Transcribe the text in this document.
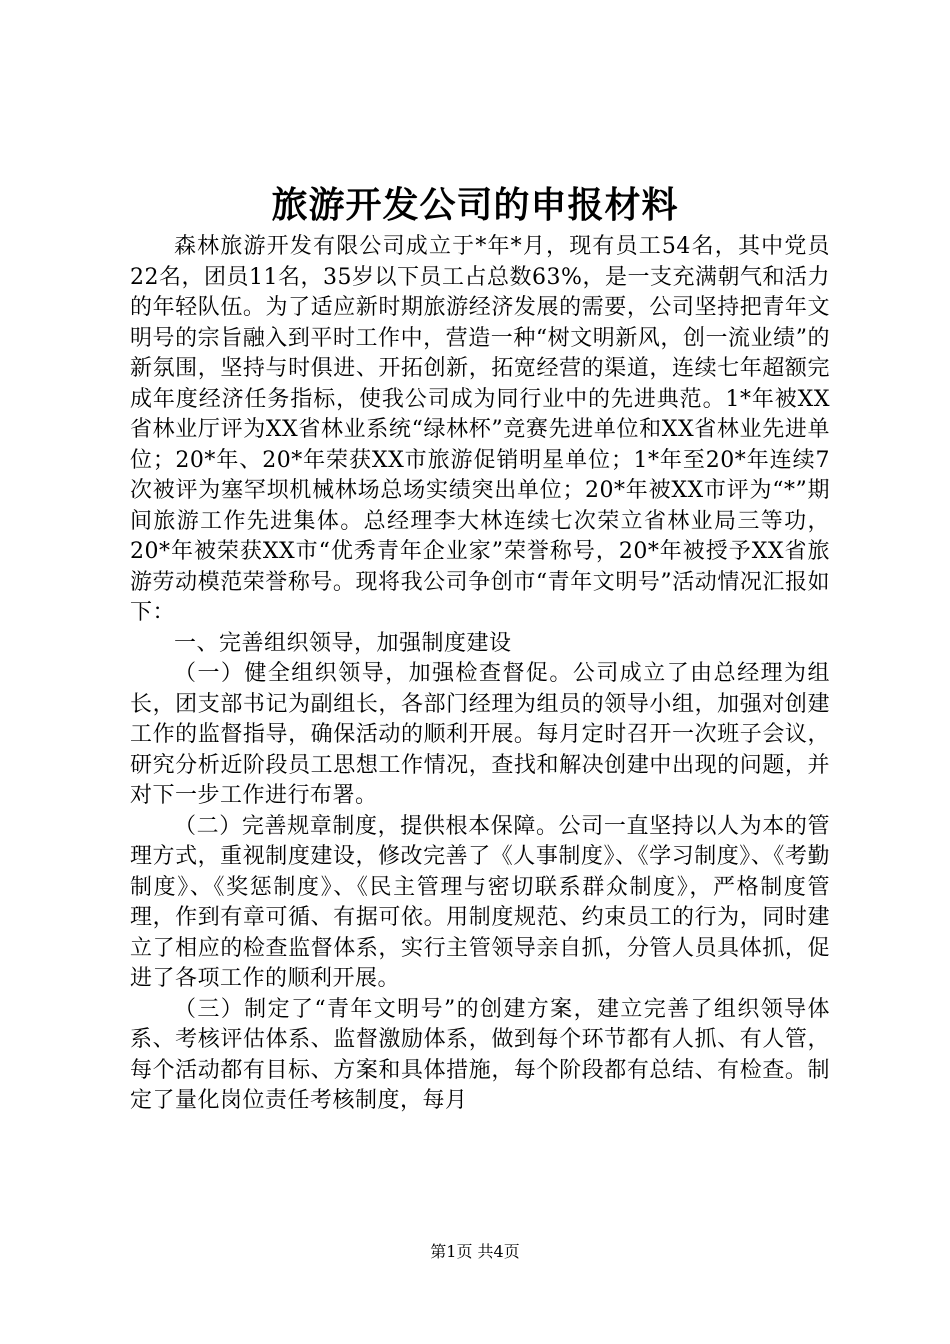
旅游开发公司的申报材料

森林旅游开发有限公司成立于*年*月，现有员工54名，其中党员22名，团员11名，35岁以下员工占总数63%，是一支充满朝气和活力的年轻队伍。为了适应新时期旅游经济发展的需要，公司坚持把青年文明号的宗旨融入到平时工作中，营造一种“树文明新风，创一流业绩”的新氛围，坚持与时俱进、开拓创新，拓宽经营的渠道，连续七年超额完成年度经济任务指标，使我公司成为同行业中的先进典范。1*年被XX省林业厅评为XX省林业系统“绿林杯”竞赛先进单位和XX省林业先进单位；20*年、20*年荣获XX市旅游促销明星单位；1*年至20*年连续7次被评为塞罕坝机械林场总场实绩突出单位；20*年被XX市评为“*”期间旅游工作先进集体。总经理李大林连续七次荣立省林业局三等功，20*年被荣获XX市“优秀青年企业家”荣誉称号，20*年被授予XX省旅游劳动模范荣誉称号。现将我公司争创市“青年文明号”活动情况汇报如下：

一、完善组织领导，加强制度建设

（一）健全组织领导，加强检查督促。公司成立了由总经理为组长，团支部书记为副组长，各部门经理为组员的领导小组，加强对创建工作的监督指导，确保活动的顺利开展。每月定时召开一次班子会议，研究分析近阶段员工思想工作情况，查找和解决创建中出现的问题，并对下一步工作进行布署。

（二）完善规章制度，提供根本保障。公司一直坚持以人为本的管理方式，重视制度建设，修改完善了《人事制度》、《学习制度》、《考勤制度》、《奖惩制度》、《民主管理与密切联系群众制度》，严格制度管理，作到有章可循、有据可依。用制度规范、约束员工的行为，同时建立了相应的检查监督体系，实行主管领导亲自抓，分管人员具体抓，促进了各项工作的顺利开展。

（三）制定了“青年文明号”的创建方案，建立完善了组织领导体系、考核评估体系、监督激励体系，做到每个环节都有人抓、有人管，每个活动都有目标、方案和具体措施，每个阶段都有总结、有检查。制定了量化岗位责任考核制度，每月

第1页 共4页
